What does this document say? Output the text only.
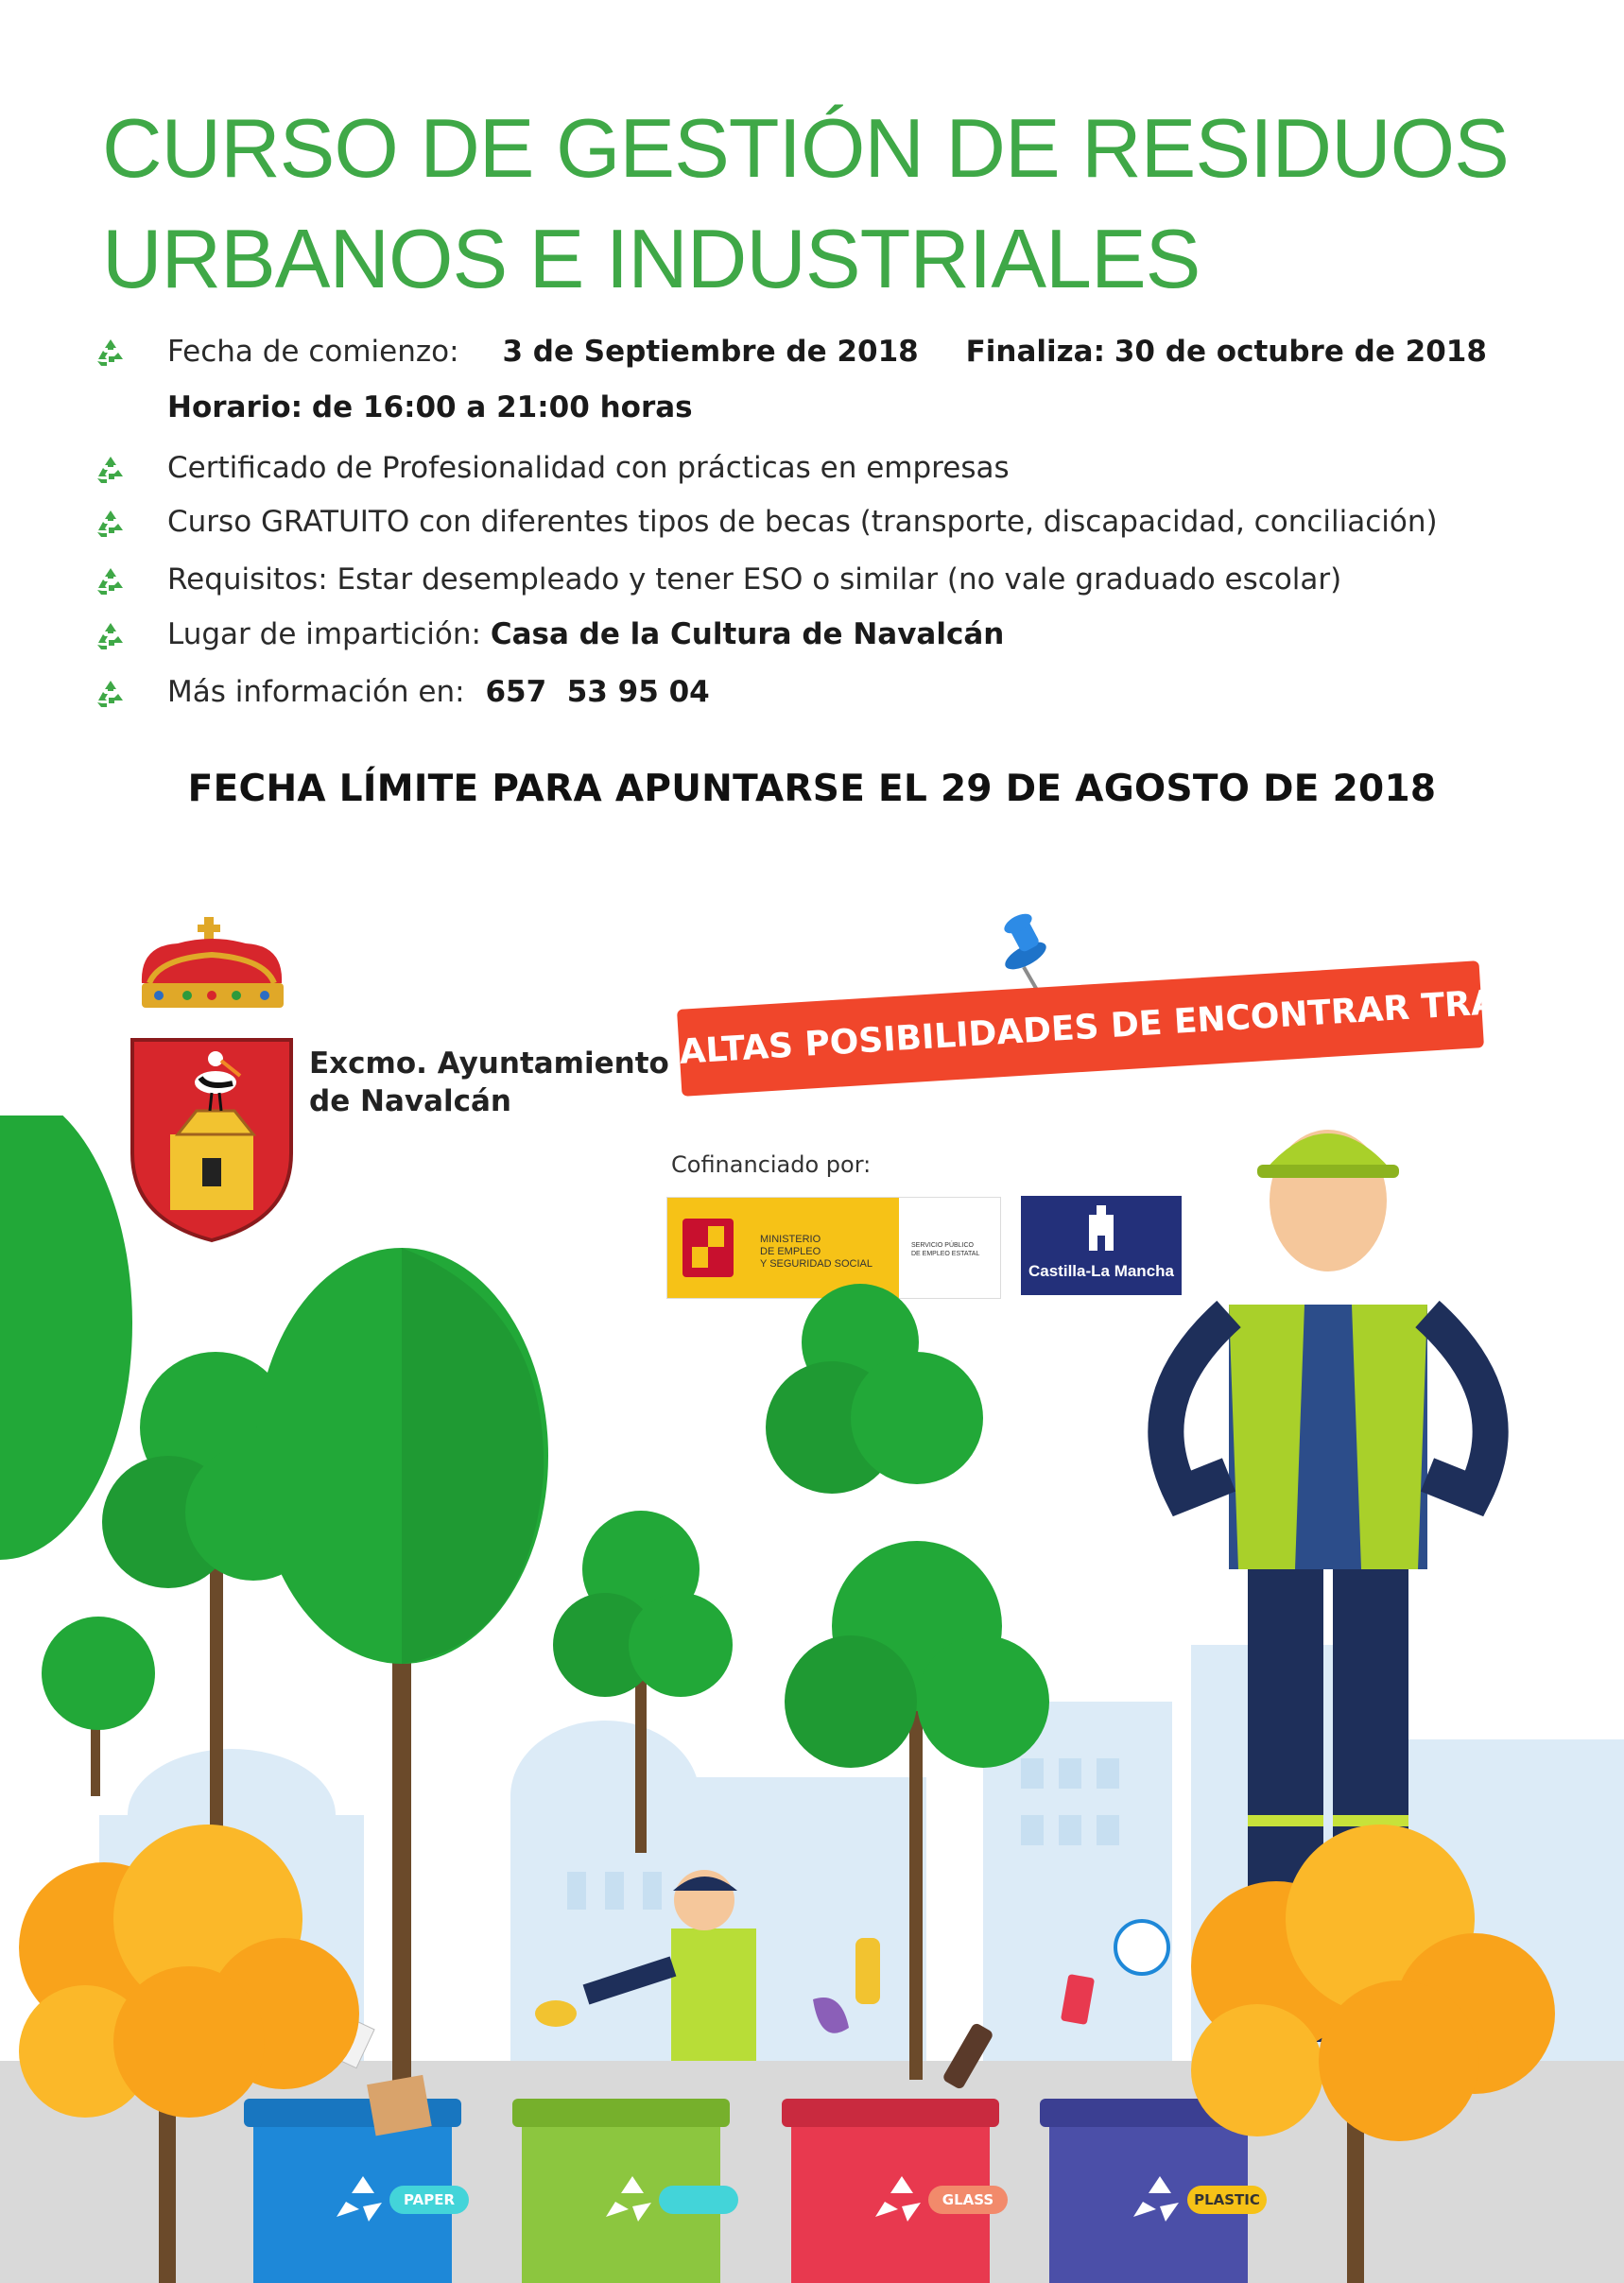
CURSO DE GESTIÓN DE RESIDUOS
URBANOS E INDUSTRIALES
Fecha de comienzo: 3 de Septiembre de 2018 Finaliza: 30 de octubre de 2018
Horario: de 16:00 a 21:00 horas
Certificado de Profesionalidad con prácticas en empresas
Curso GRATUITO con diferentes tipos de becas (transporte, discapacidad, conciliación)
Requisitos: Estar desempleado y tener ESO o similar (no vale graduado escolar)
Lugar de impartición: Casa de la Cultura de Navalcán
Más información en: 657  53 95 04
FECHA LÍMITE PARA APUNTARSE EL 29 DE AGOSTO DE 2018
Excmo. Ayuntamiento
de Navalcán
ALTAS POSIBILIDADES DE ENCONTRAR TRABAJO
Cofinanciado por:
MINISTERIO
DE EMPLEO
Y SEGURIDAD SOCIAL
SERVICIO PÚBLICO
DE EMPLEO ESTATAL
Castilla-La Mancha
PAPER	GLASS	PLASTIC
